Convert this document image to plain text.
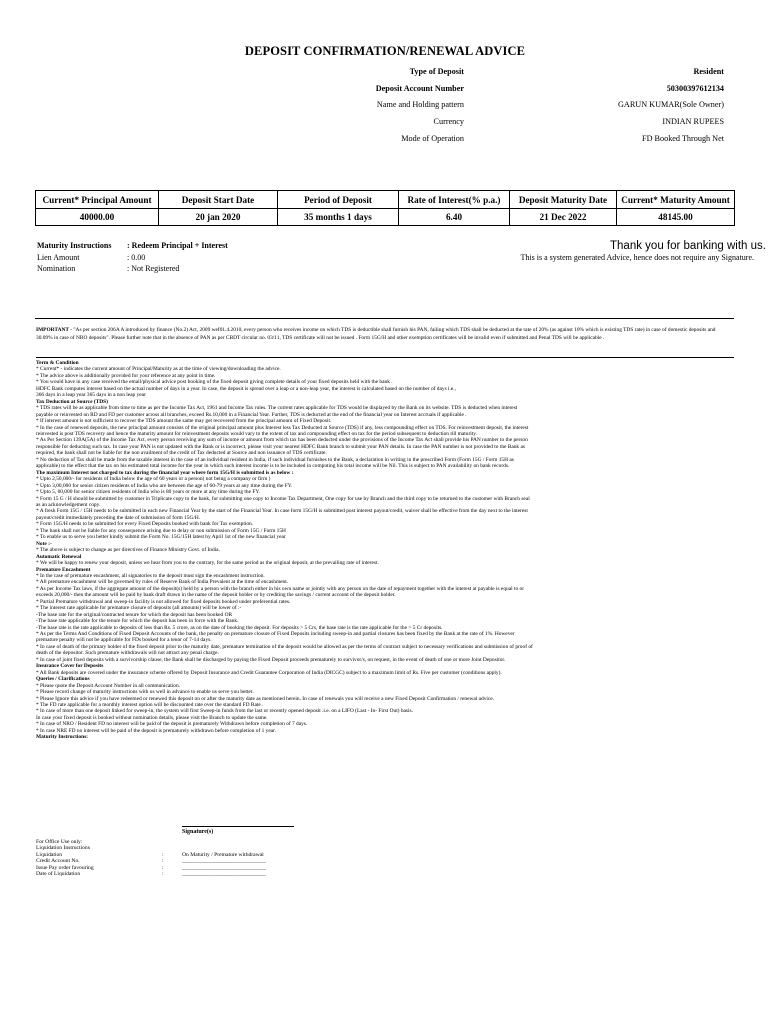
DEPOSIT CONFIRMATION/RENEWAL ADVICE
Type of Deposit	Resident
Deposit Account Number	50300397612134
Name and Holding pattern	GARUN KUMAR(Sole Owner)
Currency	INDIAN RUPEES
Mode of Operation	FD Booked Through Net
Current* Principal Amount	Deposit Start Date	Period of Deposit	Rate of Interest(% p.a.)	Deposit Maturity Date	Current* Maturity Amount
40000.00	20 jan 2020	35 months 1 days	6.40	21 Dec 2022	48145.00
Maturity Instructions : Redeem Principal + Interest
Lien Amount	: 0.00
Nomination	: Not Registered
Thank you for banking with us.
This is a system generated Advice, hence does not require any Signature.
IMPORTANT - "As per section 206A A introduced by finance (No.2) Act, 2009 wef01.4.2010, every person who receives income on which TDS is deductible shall furnish his PAN, failing which TDS shall be deducted at the rate of 20% (as against 10% which is existing TDS rate) in case of domestic deposits and 30.09% in case of NRO deposits". Please further note that in the absence of PAN as per CBDT circular no. 03/11, TDS certificate will not be issued . Form 15G/H and other exemption certificates will be invalid even if submitted and Penal TDS will be applicable .
Term & Condition
* Current* - indicates the current amount of Principal/Maturity as at the time of viewing/downloading the advice.
* The advice above is additionally provided for your reference at any point in time.
* You would have in any case received the email/physical advice post booking of the fixed deposit giving complete details of your fixed deposits held with the bank .
HDFC Bank computes interest based on the actual number of days in a year. In case, the deposit is spread over a leap or a non-leap year, the interest is calculated based on the number of days i.e.,
366 days in a leap year 365 days in a non leap year
Tax Deduction at Source (TDS)
* TDS rates will be as applicable from time to time as per the Income Tax Act, 1961 and Income Tax rules. The current rates applicable for TDS would be displayed by the Bank on its website. TDS is deducted when interest
payable or reinvested on RD and FD per customer across all branches, exceed Rs.10,000 in a Financial Year. Further, TDS is deducted at the end of the financial year on Interest accruals if applicable .
* If interest amount is not sufficient to recover the TDS amount the same may get recovered from the principal amount of Fixed Deposit.
* In the case of renewed deposits, the new principal amount consists of the original principal amount plus Interest less Tax Deducted at Source (TDS) if any, less compounding effect on TDS. For reinvestment deposit, the interest
reinvested is post TDS recovery and hence the maturity amount for reinvestment deposits would vary to the extent of tax and compounding effect on tax for the period subsequent to deduction till maturity.
* As Per Section 139A(5A) of the Income Tax Act, every person receiving any sum of income or amount from which tax has been deducted under the provisions of the Income Tax Act shall provide his PAN number to the person
responsible for deducting such tax. In case your PAN is not updated with the Bank or is incorrect, please visit your nearest HDFC Bank branch to submit your PAN details. In case the PAN number is not provided to the Bank as
required, the bank shall not be liable for the non availment of the credit of Tax deducted at Source and non issuance of TDS certificate.
* No deduction of Tax shall be made from the taxable interest in the case of an individual resident in India, if such individual furnishes to the Bank, a declaration in writing in the prescribed Form (Form 15G / Form 15H as
applicable) to the effect that the tax on his estimated total income for the year in which such interest income is to be included in computing his total income will be Nil. This is subject to PAN availability on bank records.
The maximum Interest not charged to tax during the financial year where form 15G/H is submitted is as below :
* Upto 2,50,000/- for residents of India below the age of 60 years or a person( not being a company or firm )
* Upto 3,00,000 for senior citizen residents of India who are between the age of 60-79 years at any time during the FY.
* Upto 5, 00,000 for senior citizen residents of India who is 80 years or more at any time during the FY.
* Form 15 G / H should be submitted by customer in Triplicate copy to the bank, for submitting one copy to Income Tax Department, One copy for use by Branch and the third copy to be returned to the customer with Branch seal
as an acknowledgement copy.
* A fresh Form 15G / 15H needs to be submitted in each new Financial Year by the start of the Financial Year. In case form 15G/H is submitted post interest payout/credit, waiver shall be effective from the day next to the interest
payout/credit immediately preceding the date of submission of form 15G/H.
* Form 15G/H needs to be submitted for every Fixed Deposits booked with bank for Tax exemption.
* The bank shall not be liable for any consequence arising due to delay or non submission of Form 15G / Form 15H
* To enable us to serve you better kindly submit the Form No. 15G/15H latest by April 1st of the new financial year
Note :-
* The above is subject to change as per directives of Finance Ministry Govt. of India.
Automatic Renewal
* We will be happy to renew your deposit, unless we hear from you to the contrary, for the same period as the original deposit, at the prevailing rate of interest.
Premature Encashment
* In the case of premature encashment, all signatories to the deposit must sign the encashment instruction.
* All premature encashment will be governed by rules of Reserve Bank of India Prevalent at the time of encashment.
* As per Income Tax laws, if the aggregate amount of the deposit(s) held by a person with the branch either in his own name or jointly with any person on the date of repayment together with the interest at payable is equal to or
exceeds 20,000/- then the amount will be paid by bank draft drawn in the name of the deposit holder or by crediting the savings / current account of the deposit holder.
* Partial Premature withdrawal and sweep-in facility is not allowed for fixed deposits booked under preferential rates.
* The interest rate applicable for premature closure of deposits (all amounts) will be lower of :-
-The base rate for the original/contracted tenure for which the deposit has been booked OR
-The base rate applicable for the tenure for which the deposit has been in force with the Bank.
-The base rate is the rate applicable to deposits of less than Rs. 5 crore, as on the date of booking the deposit. For deposits > 5 Crs, the base rate is the rate applicable for the > 5 Cr deposits.
* As per the Terms And Conditions of Fixed Deposit Accounts of the bank, the penalty on premature closure of Fixed Deposits including sweep-in and partial closures has been fixed by the Bank at the rate of 1%. However
premature penalty will not be applicable for FDs booked for a tenor of 7-14 days.
* In case of death of the primary holder of the fixed deposit prior to the maturity date, premature termination of the deposit would be allowed as per the terms of contract subject to necessary verifications and submission of proof of
death of the depositor. Such premature withdrawals will not attract any penal charge.
* In case of joint fixed deposits with a survivorship clause, the Bank shall be discharged by paying the Fixed Deposit proceeds prematurely to survivor/s, on request, in the event of death of one or more Joint Depositor.
Insurance Cover for Deposits
* All Bank deposits are covered under the insurance scheme offered by Deposit Insurance and Credit Guarantee Corporation of India (DICGC) subject to a maximum limit of Rs. Five per customer (conditions apply).
Queries / Clarifications
* Please quote the Deposit Account Number in all communication.
* Please record change of maturity instructions with us well in advance to enable us serve you better.
* Please Ignore this advice if you have redeemed or renewed this deposit on or after the maturity date as mentioned herein. In case of renewals you will receive a new Fixed Deposit Confirmation / renewal advice.
* The FD rate applicable for a monthly interest option will be discounted rate over the standard FD Rate .
* In case of more than one deposit linked for sweep-in, the system will first Sweep-in funds from the last or recently opened deposit .i.e. on a LIFO (Last - In- First Out) basis.
In case your fixed deposit is booked without nomination details, please visit the Branch to update the same.
* In case of NRO / Resident FD no interest will be paid of the deposit is prematurely Withdrawn before completion of 7 days.
* In case NRE FD no interest will be paid of the deposit is prematurely withdrawn before completion of 1 year.
Maturity Instructions:
Signature(s)
For Office Use only:
Liquidation Instructions
Liquidation	:	On Maturity / Premature withdrawal
Credit Account No.	:	______________________________
Issue Pay order favouring	:	______________________________
Date of Liquidation	:	______________________________
